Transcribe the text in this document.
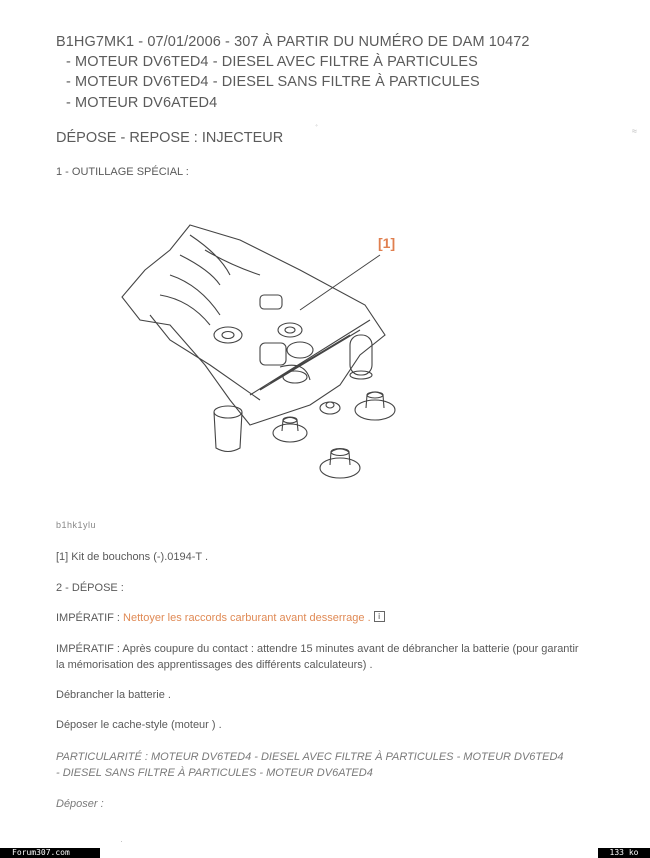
B1HG7MK1 - 07/01/2006 - 307 À PARTIR DU NUMÉRO DE DAM 10472
- MOTEUR DV6TED4 - DIESEL AVEC FILTRE À PARTICULES
- MOTEUR DV6TED4 - DIESEL SANS FILTRE À PARTICULES
- MOTEUR DV6ATED4
DÉPOSE - REPOSE : INJECTEUR
1 - OUTILLAGE SPÉCIAL :
[1]
b1hk1ylu
[1] Kit de bouchons (-).0194-T .
2 - DÉPOSE :
IMPÉRATIF : Nettoyer les raccords carburant avant desserrage . i
IMPÉRATIF : Après coupure du contact : attendre 15 minutes avant de débrancher la batterie (pour garantir la mémorisation des apprentissages des différents calculateurs) .
Débrancher la batterie .
Déposer le cache-style (moteur ) .
PARTICULARITÉ : MOTEUR DV6TED4 - DIESEL AVEC FILTRE À PARTICULES - MOTEUR DV6TED4 - DIESEL SANS FILTRE À PARTICULES - MOTEUR DV6ATED4
Déposer :
ﾞ	≈
·
Forum307.com	133 ko
